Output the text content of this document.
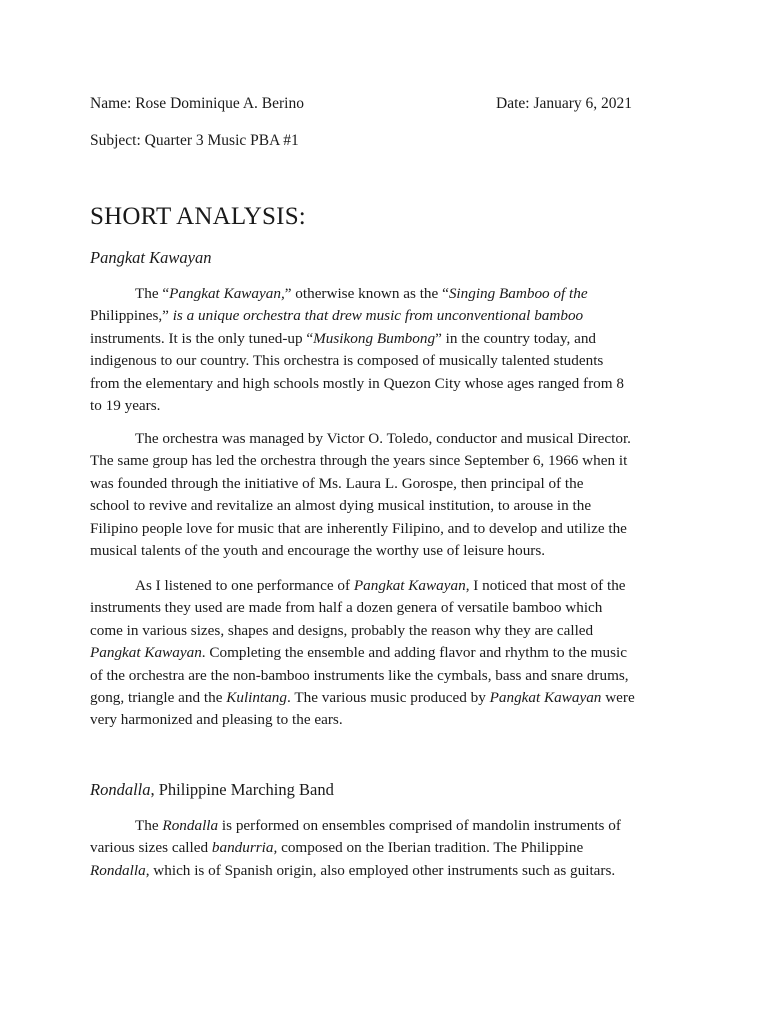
Name: Rose Dominique A. Berino	Date: January 6, 2021
Subject: Quarter 3 Music PBA #1
SHORT ANALYSIS:
Pangkat Kawayan

The “Pangkat Kawayan,” otherwise known as the “Singing Bamboo of the
Philippines,” is a unique orchestra that drew music from unconventional bamboo
instruments. It is the only tuned-up “Musikong Bumbong” in the country today, and
indigenous to our country. This orchestra is composed of musically talented students
from the elementary and high schools mostly in Quezon City whose ages ranged from 8
to 19 years.

The orchestra was managed by Victor O. Toledo, conductor and musical Director.
The same group has led the orchestra through the years since September 6, 1966 when it
was founded through the initiative of Ms. Laura L. Gorospe, then principal of the
school to revive and revitalize an almost dying musical institution, to arouse in the
Filipino people love for music that are inherently Filipino, and to develop and utilize the
musical talents of the youth and encourage the worthy use of leisure hours.

As I listened to one performance of Pangkat Kawayan, I noticed that most of the
instruments they used are made from half a dozen genera of versatile bamboo which
come in various sizes, shapes and designs, probably the reason why they are called
Pangkat Kawayan. Completing the ensemble and adding flavor and rhythm to the music
of the orchestra are the non-bamboo instruments like the cymbals, bass and snare drums,
gong, triangle and the Kulintang. The various music produced by Pangkat Kawayan were
very harmonized and pleasing to the ears.

Rondalla, Philippine Marching Band

The Rondalla is performed on ensembles comprised of mandolin instruments of
various sizes called bandurria, composed on the Iberian tradition. The Philippine
Rondalla, which is of Spanish origin, also employed other instruments such as guitars.
